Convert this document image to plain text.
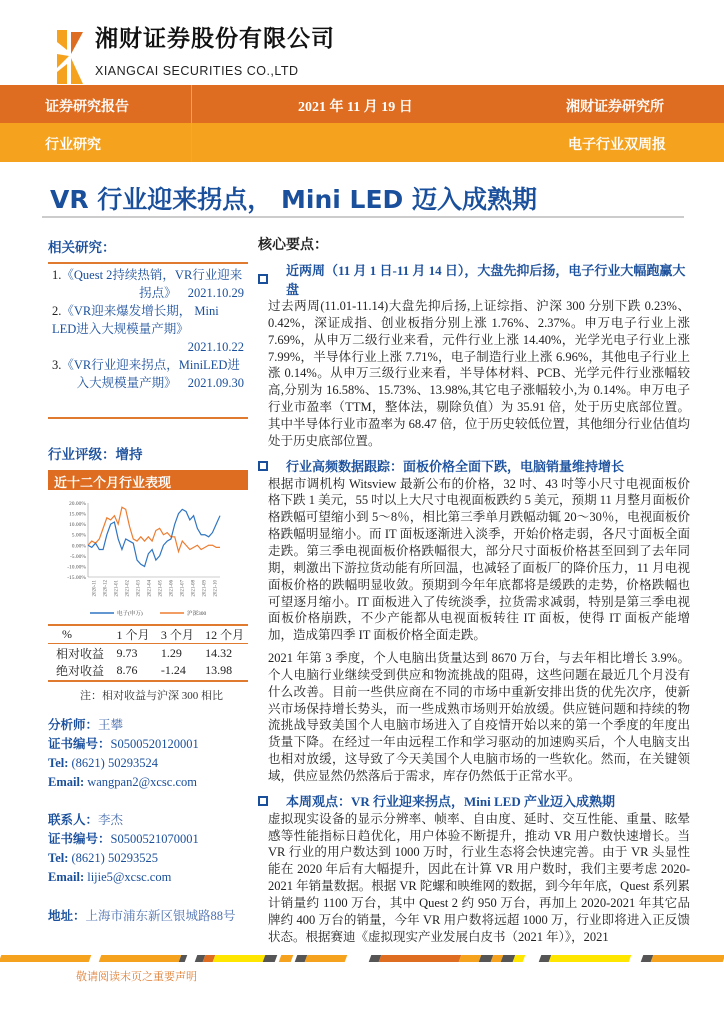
湘财证券股份有限公司
XIANGCAI SECURITIES CO.,LTD
证券研究报告	2021 年 11 月 19 日	湘财证券研究所
行业研究	电子行业双周报
VR 行业迎来拐点， Mini LED 迈入成熟期
相关研究：
1.《Quest 2持续热销，VR行业迎来拐点》 2021.10.29
2.《VR迎来爆发增长期， Mini LED进入大规模量产期》 2021.10.22
3.《VR行业迎来拐点，MiniLED进入大规模量产期》 2021.09.30
行业评级：增持
近十二个月行业表现
20.00%
15.00%
10.00%
5.00%
0.00%
-5.00%
-10.00%
-15.00%
2020-11 2020-12 2021-01 2021-02 2021-03 2021-04 2021-05 2021-06 2021-07 2021-08 2021-09 2021-10
电子(申万)	沪深300
%	1 个月	3 个月	12 个月
相对收益	9.73	1.29	14.32
绝对收益	8.76	-1.24	13.98
注：相对收益与沪深 300 相比
分析师：王攀
证书编号：S0500520120001
Tel: (8621) 50293524
Email: wangpan2@xcsc.com
联系人：李杰
证书编号：S0500521070001
Tel: (8621) 50293525
Email: lijie5@xcsc.com
地址：上海市浦东新区银城路88号
核心要点：
近两周（11 月 1 日-11 月 14 日），大盘先抑后扬，电子行业大幅跑赢大盘

过去两周(11.01-11.14)大盘先抑后扬,上证综指、沪深 300 分别下跌 0.23%、0.42%，深证成指、创业板指分别上涨 1.76%、2.37%。申万电子行业上涨 7.69%，从申万二级行业来看，元件行业上涨 14.40%，光学光电子行业上涨 7.99%，半导体行业上涨 7.71%，电子制造行业上涨 6.96%，其他电子行业上涨 0.14%。从申万三级行业来看，半导体材料、PCB、光学元件行业涨幅较高,分别为 16.58%、15.73%、13.98%,其它电子涨幅较小,为 0.14%。申万电子行业市盈率（TTM，整体法，剔除负值）为 35.91 倍，处于历史底部位置。其中半导体行业市盈率为 68.47 倍，位于历史较低位置，其他细分行业估值均处于历史底部位置。

行业高频数据跟踪：面板价格全面下跌，电脑销量维持增长

根据市调机构 Witsview 最新公布的价格，32 吋、43 吋等小尺寸电视面板价格下跌 1 美元，55 吋以上大尺寸电视面板跌约 5 美元，预期 11 月整月面板价格跌幅可望缩小到 5～8％，相比第三季单月跌幅动辄 20～30％，电视面板价格跌幅明显缩小。而 IT 面板逐渐进入淡季，开始价格走弱，各尺寸面板全面走跌。第三季电视面板价格跌幅很大，部分尺寸面板价格甚至回到了去年同期，刺激出下游拉货动能有所回温，也减轻了面板厂的降价压力，11 月电视面板价格的跌幅明显收敛。预期到今年年底都将是缓跌的走势，价格跌幅也可望逐月缩小。IT 面板进入了传统淡季，拉货需求减弱，特别是第三季电视面板价格崩跌，不少产能都从电视面板转往 IT 面板，使得 IT 面板产能增加，造成第四季 IT 面板价格全面走跌。

2021 年第 3 季度，个人电脑出货量达到 8670 万台，与去年相比增长 3.9%。个人电脑行业继续受到供应和物流挑战的阻碍，这些问题在最近几个月没有什么改善。目前一些供应商在不同的市场中重新安排出货的优先次序，使新兴市场保持增长势头，而一些成熟市场则开始放缓。供应链问题和持续的物流挑战导致美国个人电脑市场进入了自疫情开始以来的第一个季度的年度出货量下降。在经过一年由远程工作和学习驱动的加速购买后，个人电脑支出也相对放缓，这导致了今天美国个人电脑市场的一些软化。然而，在关键领域，供应显然仍然落后于需求，库存仍然低于正常水平。

本周观点：VR 行业迎来拐点，Mini LED 产业迈入成熟期

虚拟现实设备的显示分辨率、帧率、自由度、延时、交互性能、重量、眩晕感等性能指标日趋优化，用户体验不断提升，推动 VR 用户数快速增长。当 VR 行业的用户数达到 1000 万时，行业生态将会快速完善。由于 VR 头显性能在 2020 年后有大幅提升，因此在计算 VR 用户数时，我们主要考虑 2020-2021 年销量数据。根据 VR 陀螺和映维网的数据，到今年年底，Quest 系列累计销量约 1100 万台，其中 Quest 2 约 950 万台，再加上 2020-2021 年其它品牌约 400 万台的销量，今年 VR 用户数将远超 1000 万，行业即将进入正反馈状态。根据赛迪《虚拟现实产业发展白皮书（2021 年）》，2021

敬请阅读末页之重要声明
